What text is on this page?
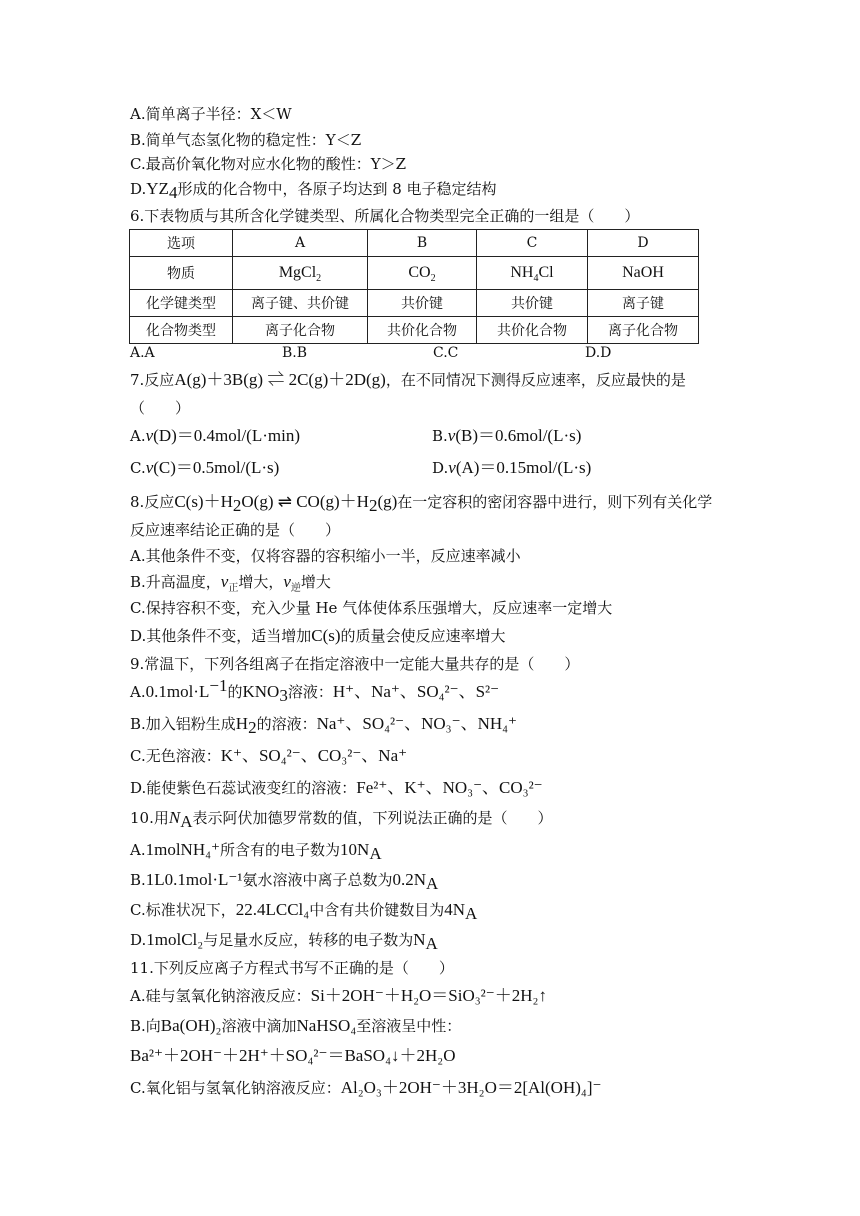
A.简单离子半径：X＜W
B.简单气态氢化物的稳定性：Y＜Z
C.最高价氧化物对应水化物的酸性：Y＞Z
$D.YZ_4$形成的化合物中，各原子均达到 8 电子稳定结构
6.下表物质与其所含化学键类型、所属化合物类型完全正确的一组是（　　）
选项	A	B	C	D
物质	MgCl$_2$	$CO_2$	$NH_4Cl$	NaOH
化学键类型	离子键、共价键	共价键	共价键	离子键
化合物类型	离子化合物	共价化合物	共价化合物	离子化合物
A.A	B.B	C.C	D.D
7.反应A(g)＋3B(g) ⇌ 2C(g)＋2D(g)，在不同情况下测得反应速率，反应最快的是
（　　）
A.v(D)＝0.4mol/(L·min)	B.v(B)＝0.6mol/(L·s)
C.v(C)＝0.5mol/(L·s)	D.v(A)＝0.15mol/(L·s)
8.反应$C(s)+H_2O(g)$ ⇌ $CO(g)+H_2(g)$在一定容积的密闭容器中进行，则下列有关化学
反应速率结论正确的是（　　）
A.其他条件不变，仅将容器的容积缩小一半，反应速率减小
B.升高温度，$v_正$增大，$v_逆$增大
C.保持容积不变，充入少量 He 气体使体系压强增大，反应速率一定增大
D.其他条件不变，适当增加C(s)的质量会使反应速率增大
9.常温下，下列各组离子在指定溶液中一定能大量共存的是（　　）
$A.0.1mol\cdot L^{-1}$的$KNO_3$溶液：H⁺、Na⁺、SO₄²⁻、S²⁻
B.加入铝粉生成$H_2$的溶液：Na⁺、SO₄²⁻、NO₃⁻、NH₄⁺
C.无色溶液：K⁺、SO₄²⁻、CO₃²⁻、Na⁺
D.能使紫色石蕊试液变红的溶液：Fe²⁺、K⁺、NO₃⁻、CO₃²⁻
10.用$N_A$表示阿伏加德罗常数的值，下列说法正确的是（　　）
A.1molNH₄⁺所含有的电子数为$10N_A$
B.1L0.1mol·L⁻¹氨水溶液中离子总数为$0.2N_A$
C.标准状况下，22.4LCCl₄中含有共价键数目为$4N_A$
D.1molCl₂与足量水反应，转移的电子数为$N_A$
11.下列反应离子方程式书写不正确的是（　　）
A.硅与氢氧化钠溶液反应：Si＋2OH⁻＋H₂O＝SiO₃²⁻＋2H₂↑
B.向Ba(OH)₂溶液中滴加NaHSO₄至溶液呈中性：
Ba²⁺＋2OH⁻＋2H⁺＋SO₄²⁻＝BaSO₄↓＋2H₂O
C.氧化铝与氢氧化钠溶液反应：Al₂O₃＋2OH⁻＋3H₂O＝2[Al(OH)₄]⁻
